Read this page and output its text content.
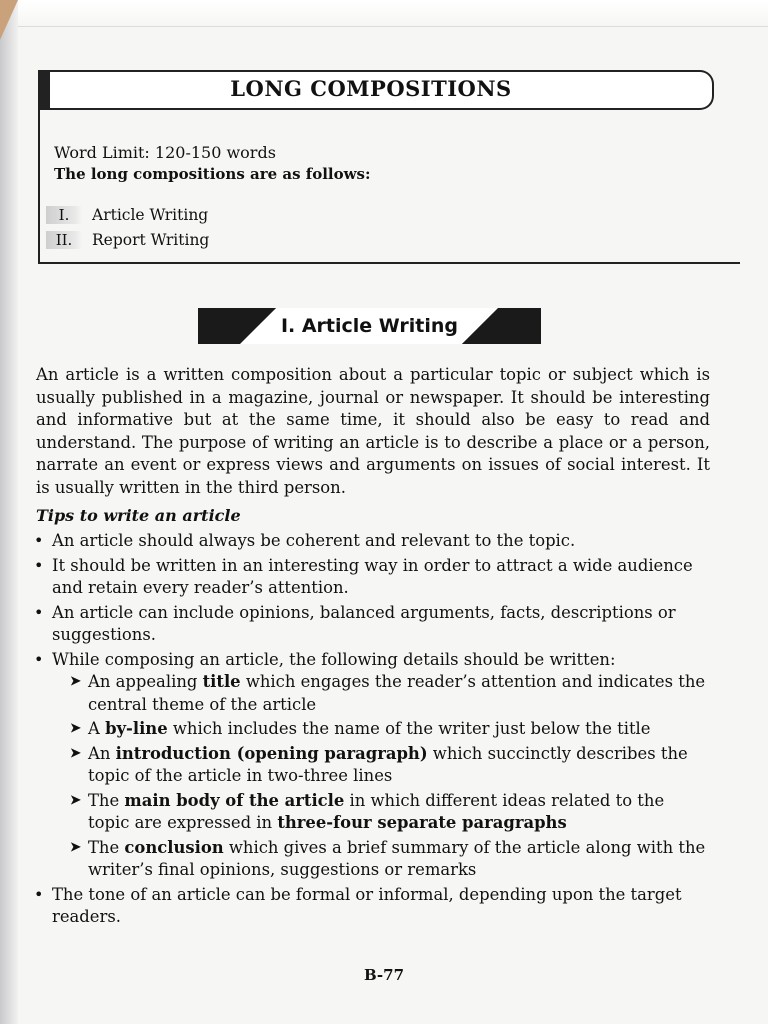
LONG COMPOSITIONS
Word Limit: 120-150 words
The long compositions are as follows:
I.	Article Writing
II.	Report Writing
I. Article Writing
An article is a written composition about a particular topic or subject which is usually published in a magazine, journal or newspaper. It should be interesting and informative but at the same time, it should also be easy to read and understand. The purpose of writing an article is to describe a place or a person, narrate an event or express views and arguments on issues of social interest. It is usually written in the third person.
Tips to write an article
• An article should always be coherent and relevant to the topic.
• It should be written in an interesting way in order to attract a wide audience and retain every reader’s attention.
• An article can include opinions, balanced arguments, facts, descriptions or suggestions.
• While composing an article, the following details should be written:
➤ An appealing title which engages the reader’s attention and indicates the central theme of the article
➤ A by-line which includes the name of the writer just below the title
➤ An introduction (opening paragraph) which succinctly describes the topic of the article in two-three lines
➤ The main body of the article in which different ideas related to the topic are expressed in three-four separate paragraphs
➤ The conclusion which gives a brief summary of the article along with the writer’s final opinions, suggestions or remarks
• The tone of an article can be formal or informal, depending upon the target readers.
B-77
